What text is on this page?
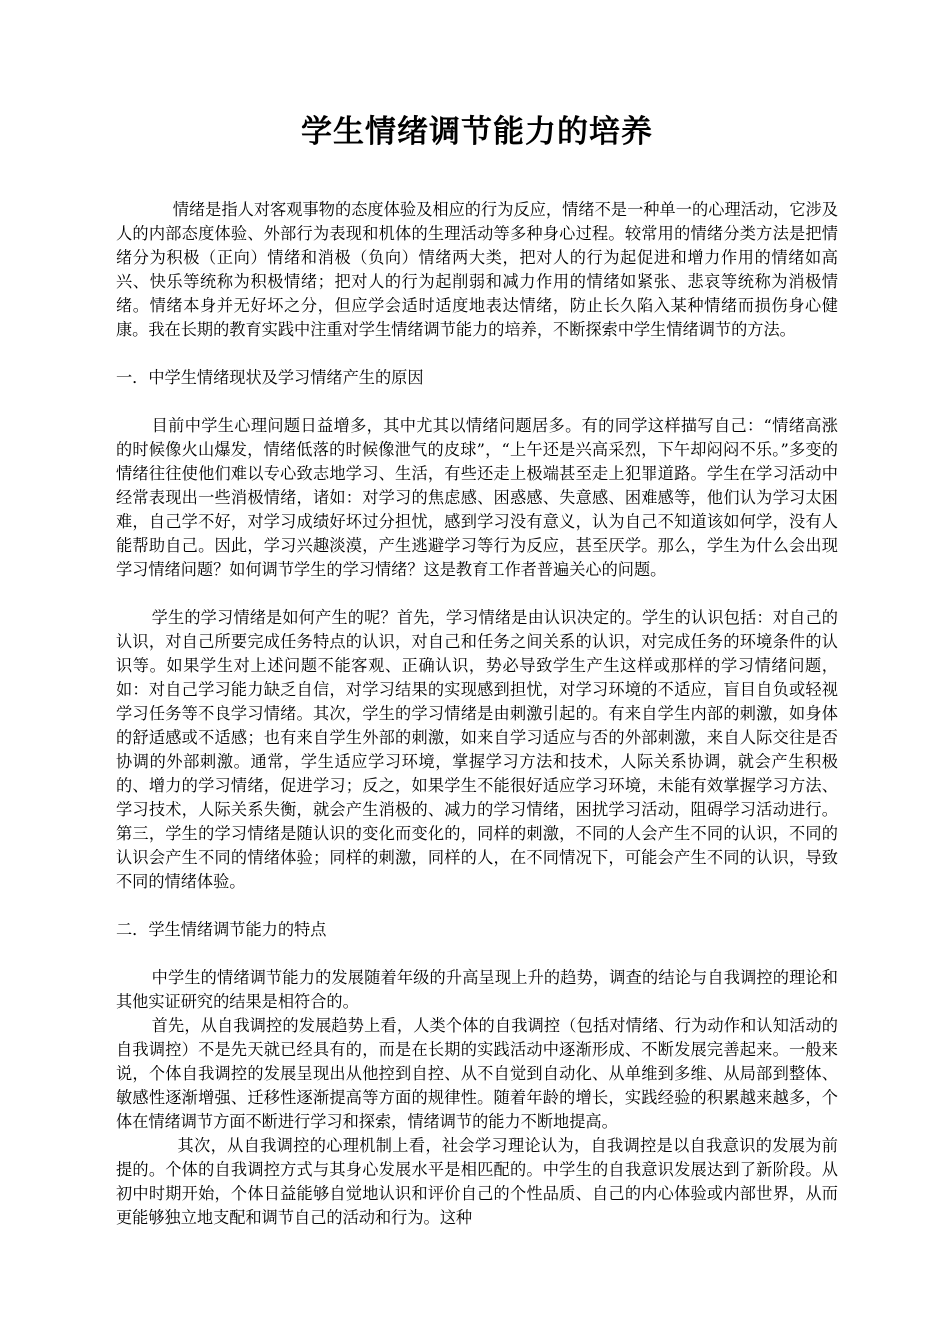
学生情绪调节能力的培养

情绪是指人对客观事物的态度体验及相应的行为反应，情绪不是一种单一的心理活动，它涉及人的内部态度体验、外部行为表现和机体的生理活动等多种身心过程。较常用的情绪分类方法是把情绪分为积极（正向）情绪和消极（负向）情绪两大类，把对人的行为起促进和增力作用的情绪如高兴、快乐等统称为积极情绪；把对人的行为起削弱和减力作用的情绪如紧张、悲哀等统称为消极情绪。情绪本身并无好坏之分，但应学会适时适度地表达情绪，防止长久陷入某种情绪而损伤身心健康。我在长期的教育实践中注重对学生情绪调节能力的培养，不断探索中学生情绪调节的方法。

一．中学生情绪现状及学习情绪产生的原因

目前中学生心理问题日益增多，其中尤其以情绪问题居多。有的同学这样描写自己：“情绪高涨的时候像火山爆发，情绪低落的时候像泄气的皮球”，“上午还是兴高采烈，下午却闷闷不乐。”多变的情绪往往使他们难以专心致志地学习、生活，有些还走上极端甚至走上犯罪道路。学生在学习活动中经常表现出一些消极情绪，诸如：对学习的焦虑感、困惑感、失意感、困难感等，他们认为学习太困难，自己学不好，对学习成绩好坏过分担忧，感到学习没有意义，认为自己不知道该如何学，没有人能帮助自己。因此，学习兴趣淡漠，产生逃避学习等行为反应，甚至厌学。那么，学生为什么会出现学习情绪问题？如何调节学生的学习情绪？这是教育工作者普遍关心的问题。

学生的学习情绪是如何产生的呢？首先，学习情绪是由认识决定的。学生的认识包括：对自己的认识，对自己所要完成任务特点的认识，对自己和任务之间关系的认识，对完成任务的环境条件的认识等。如果学生对上述问题不能客观、正确认识，势必导致学生产生这样或那样的学习情绪问题，如：对自己学习能力缺乏自信，对学习结果的实现感到担忧，对学习环境的不适应，盲目自负或轻视学习任务等不良学习情绪。其次，学生的学习情绪是由刺激引起的。有来自学生内部的刺激，如身体的舒适感或不适感；也有来自学生外部的刺激，如来自学习适应与否的外部刺激，来自人际交往是否协调的外部刺激。通常，学生适应学习环境，掌握学习方法和技术，人际关系协调，就会产生积极的、增力的学习情绪，促进学习；反之，如果学生不能很好适应学习环境，未能有效掌握学习方法、学习技术，人际关系失衡，就会产生消极的、减力的学习情绪，困扰学习活动，阻碍学习活动进行。第三，学生的学习情绪是随认识的变化而变化的，同样的刺激，不同的人会产生不同的认识，不同的认识会产生不同的情绪体验；同样的刺激，同样的人，在不同情况下，可能会产生不同的认识，导致不同的情绪体验。

二．学生情绪调节能力的特点

中学生的情绪调节能力的发展随着年级的升高呈现上升的趋势，调查的结论与自我调控的理论和其他实证研究的结果是相符合的。

首先，从自我调控的发展趋势上看，人类个体的自我调控（包括对情绪、行为动作和认知活动的自我调控）不是先天就已经具有的，而是在长期的实践活动中逐渐形成、不断发展完善起来。一般来说，个体自我调控的发展呈现出从他控到自控、从不自觉到自动化、从单维到多维、从局部到整体、敏感性逐渐增强、迁移性逐渐提高等方面的规律性。随着年龄的增长，实践经验的积累越来越多，个体在情绪调节方面不断进行学习和探索，情绪调节的能力不断地提高。

其次，从自我调控的心理机制上看，社会学习理论认为，自我调控是以自我意识的发展为前提的。个体的自我调控方式与其身心发展水平是相匹配的。中学生的自我意识发展达到了新阶段。从初中时期开始，个体日益能够自觉地认识和评价自己的个性品质、自己的内心体验或内部世界，从而更能够独立地支配和调节自己的活动和行为。这种
